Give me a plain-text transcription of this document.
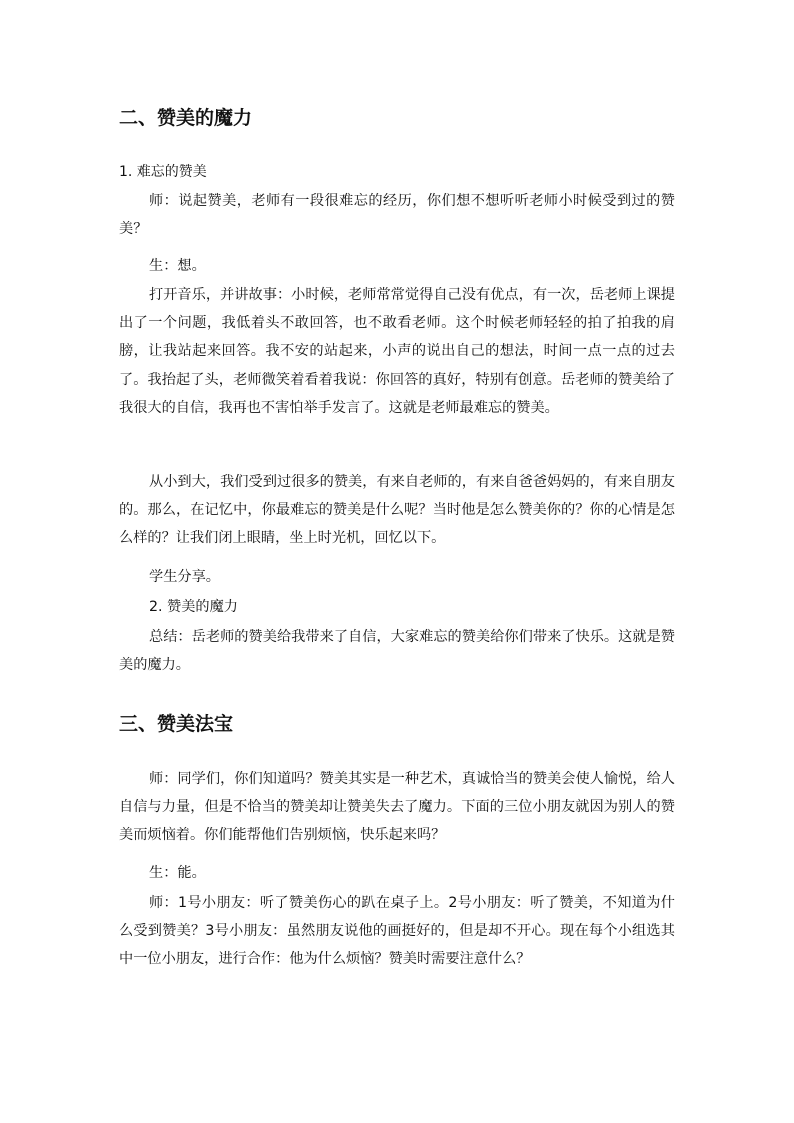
二、赞美的魔力
1. 难忘的赞美
师：说起赞美，老师有一段很难忘的经历，你们想不想听听老师小时候受到过的赞美？
生：想。
打开音乐，并讲故事：小时候，老师常常觉得自己没有优点，有一次，岳老师上课提出了一个问题，我低着头不敢回答，也不敢看老师。这个时候老师轻轻的拍了拍我的肩膀，让我站起来回答。我不安的站起来，小声的说出自己的想法，时间一点一点的过去了。我抬起了头，老师微笑着看着我说：你回答的真好，特别有创意。岳老师的赞美给了我很大的自信，我再也不害怕举手发言了。这就是老师最难忘的赞美。
从小到大，我们受到过很多的赞美，有来自老师的，有来自爸爸妈妈的，有来自朋友的。那么，在记忆中，你最难忘的赞美是什么呢？当时他是怎么赞美你的？你的心情是怎么样的？让我们闭上眼睛，坐上时光机，回忆以下。
学生分享。
2. 赞美的魔力
总结：岳老师的赞美给我带来了自信，大家难忘的赞美给你们带来了快乐。这就是赞美的魔力。
三、赞美法宝
师：同学们，你们知道吗？赞美其实是一种艺术，真诚恰当的赞美会使人愉悦，给人自信与力量，但是不恰当的赞美却让赞美失去了魔力。下面的三位小朋友就因为别人的赞美而烦恼着。你们能帮他们告别烦恼，快乐起来吗？
生：能。
师：1号小朋友：听了赞美伤心的趴在桌子上。2号小朋友：听了赞美，不知道为什么受到赞美？3号小朋友：虽然朋友说他的画挺好的，但是却不开心。现在每个小组选其中一位小朋友，进行合作：他为什么烦恼？赞美时需要注意什么？
